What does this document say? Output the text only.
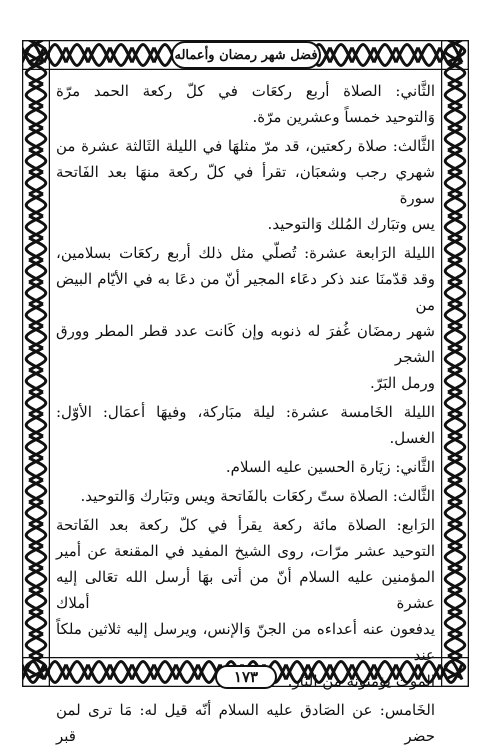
فضل شهر رمضان وأعماله
١٧٣

الثَّاني: الصلاة أربع ركعَات في كلّ ركعة الحمد مرّة
وَالتوحيد خمساً وعشرين مرّة.

الثَّالث: صلاة ركعتين، قد مرّ مثلهَا في الليلة الثَالثة عشرة من
شهري رجب وشعبَان، تقرأ في كلّ ركعة منهَا بعد الفَاتحة سورة
يس وتبَارك المُلك وَالتوحيد.

الليلة الرَابعة عشرة: تُصلّي مثل ذلك أربع ركعَات بسلامين،
وقد قدّمنَا عند ذكر دعَاء المجير أنّ من دعَا به في الأيّام البيض من
شهر رمضَان غُفرَ له ذنوبه وإن كَانت عدد قطر المطر وورق الشجر
ورمل البَرّ.

الليلة الخَامسة عشرة: ليلة مبَاركة، وفيهَا أعمَال: الأوّل: الغسل.

الثَّاني: زيَارة الحسين عليه السلام.

الثَّالث: الصلاة ستّ ركعَات بالفَاتحة ويس وتبَارك وَالتوحيد.

الرَابع: الصلاة مائة ركعة يقرأ في كلّ ركعة بعد الفَاتحة
التوحيد عشر مرّات، روى الشيخ المفيد في المقنعة عن أمير
المؤمنين عليه السلام أنّ من أتى بهَا أرسل الله تعَالى إليه عشرة أملاك
يدفعون عنه أعداءه من الجنّ وَالإنس، ويرسل إليه ثلاثين ملكاً عند
الموت يؤمّنونه من النَار.

الخَامس: عن الصَادق عليه السلام أنّه قيل له: مَا ترى لمن حضر قبر
